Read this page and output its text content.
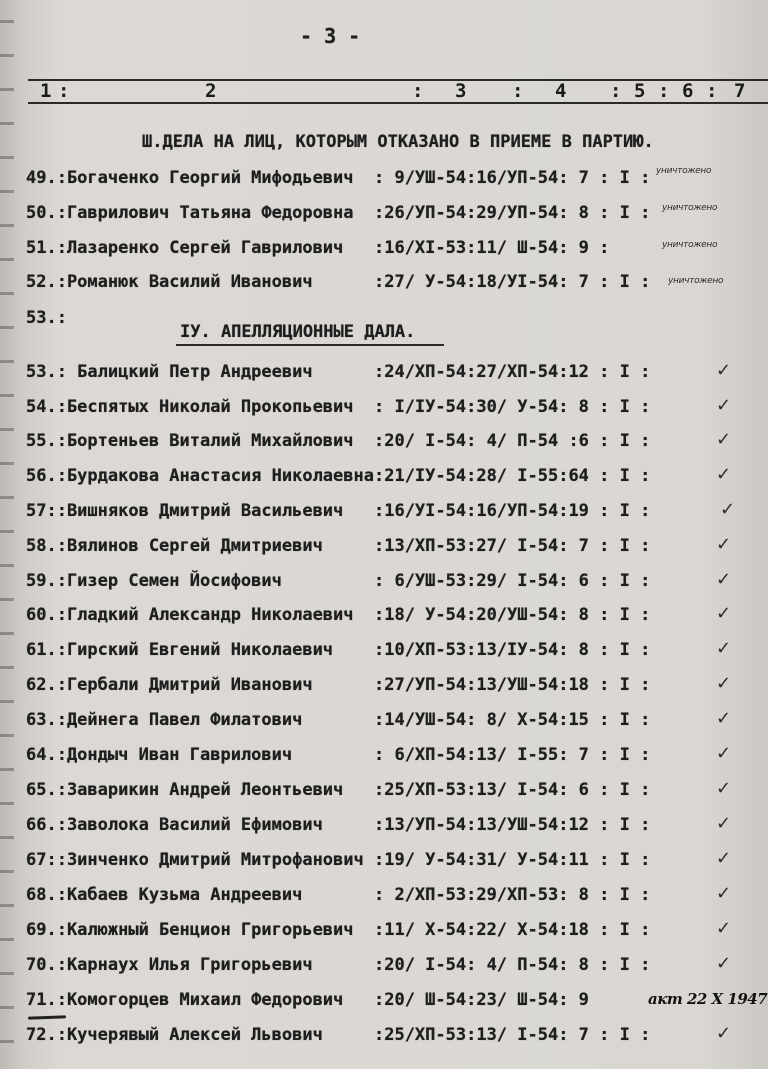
- 3 -
1 :	2	: 3 : 4 : 5 : 6 : 7
Ш.ДЕЛА НА ЛИЦ, КОТОРЫМ ОТКАЗАНО В ПРИЕМЕ В ПАРТИЮ.
49.:Богаченко Георгий Мифодьевич  : 9/УШ-54:16/УП-54: 7 : I : уничтожено
50.:Гаврилович Татьяна Федоровна  :26/УП-54:29/УП-54: 8 : I : уничтожено
51.:Лазаренко Сергей Гаврилович   :16/XI-53:11/ Ш-54: 9 :	уничтожено
52.:Романюк Василий Иванович      :27/ У-54:18/УI-54: 7 : I : уничтожено
53.:
IУ. АПЕЛЛЯЦИОННЫЕ ДАЛА.
53.: Балицкий Петр Андреевич      :24/ХП-54:27/ХП-54:12 : I :	✓
54.:Беспятых Николай Прокопьевич  : I/IУ-54:30/ У-54: 8 : I :	✓
55.:Бортеньев Виталий Михайлович  :20/ I-54: 4/ П-54 :6 : I :	✓
56.:Бурдакова Анастасия Николаевна:21/IУ-54:28/ I-55:64 : I :	✓
57::Вишняков Дмитрий Васильевич   :16/УI-54:16/УП-54:19 : I :	✓
58.:Вялинов Сергей Дмитриевич     :13/ХП-53:27/ I-54: 7 : I :	✓
59.:Гизер Семен Йосифович         : 6/УШ-53:29/ I-54: 6 : I :	✓
60.:Гладкий Александр Николаевич  :18/ У-54:20/УШ-54: 8 : I :	✓
61.:Гирский Евгений Николаевич    :10/ХП-53:13/IУ-54: 8 : I :	✓
62.:Гербали Дмитрий Иванович      :27/УП-54:13/УШ-54:18 : I :	✓
63.:Дейнега Павел Филатович       :14/УШ-54: 8/ Х-54:15 : I :	✓
64.:Дондыч Иван Гаврилович        : 6/ХП-54:13/ I-55: 7 : I :	✓
65.:Заварикин Андрей Леонтьевич   :25/ХП-53:13/ I-54: 6 : I :	✓
66.:Заволока Василий Ефимович     :13/УП-54:13/УШ-54:12 : I :	✓
67::Зинченко Дмитрий Митрофанович :19/ У-54:31/ У-54:11 : I :	✓
68.:Кабаев Кузьма Андреевич       : 2/ХП-53:29/ХП-53: 8 : I :	✓
69.:Калюжный Бенцион Григорьевич  :11/ Х-54:22/ Х-54:18 : I :	✓
70.:Карнаух Илья Григорьевич      :20/ I-54: 4/ П-54: 8 : I :	✓
71.:Комогорцев Михаил Федорович   :20/ Ш-54:23/ Ш-54: 9	акт 22 X 1947
72.:Кучерявый Алексей Львович     :25/ХП-53:13/ I-54: 7 : I :	✓
